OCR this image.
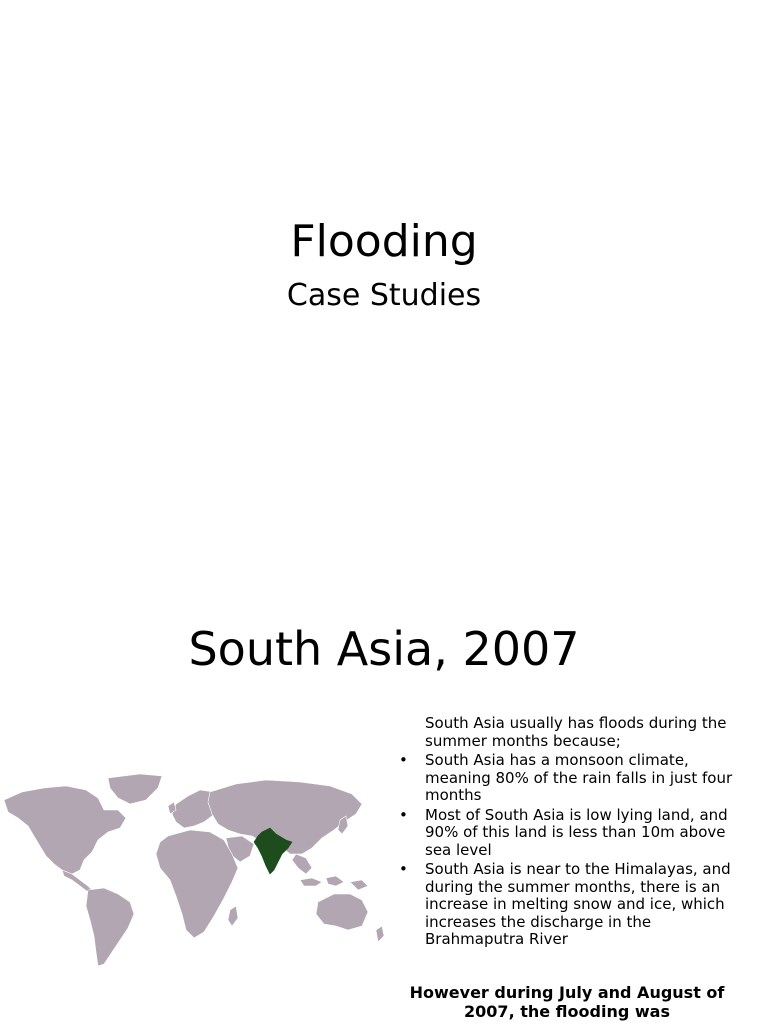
Flooding
Case Studies
South Asia, 2007

South Asia usually has floods during the summer months because;

• South Asia has a monsoon climate, meaning 80% of the rain falls in just four months
• Most of South Asia is low lying land, and 90% of this land is less than 10m above sea level
• South Asia is near to the Himalayas, and during the summer months, there is an increase in melting snow and ice, which increases the discharge in the Brahmaputra River
However during July and August of 2007, the flooding was
